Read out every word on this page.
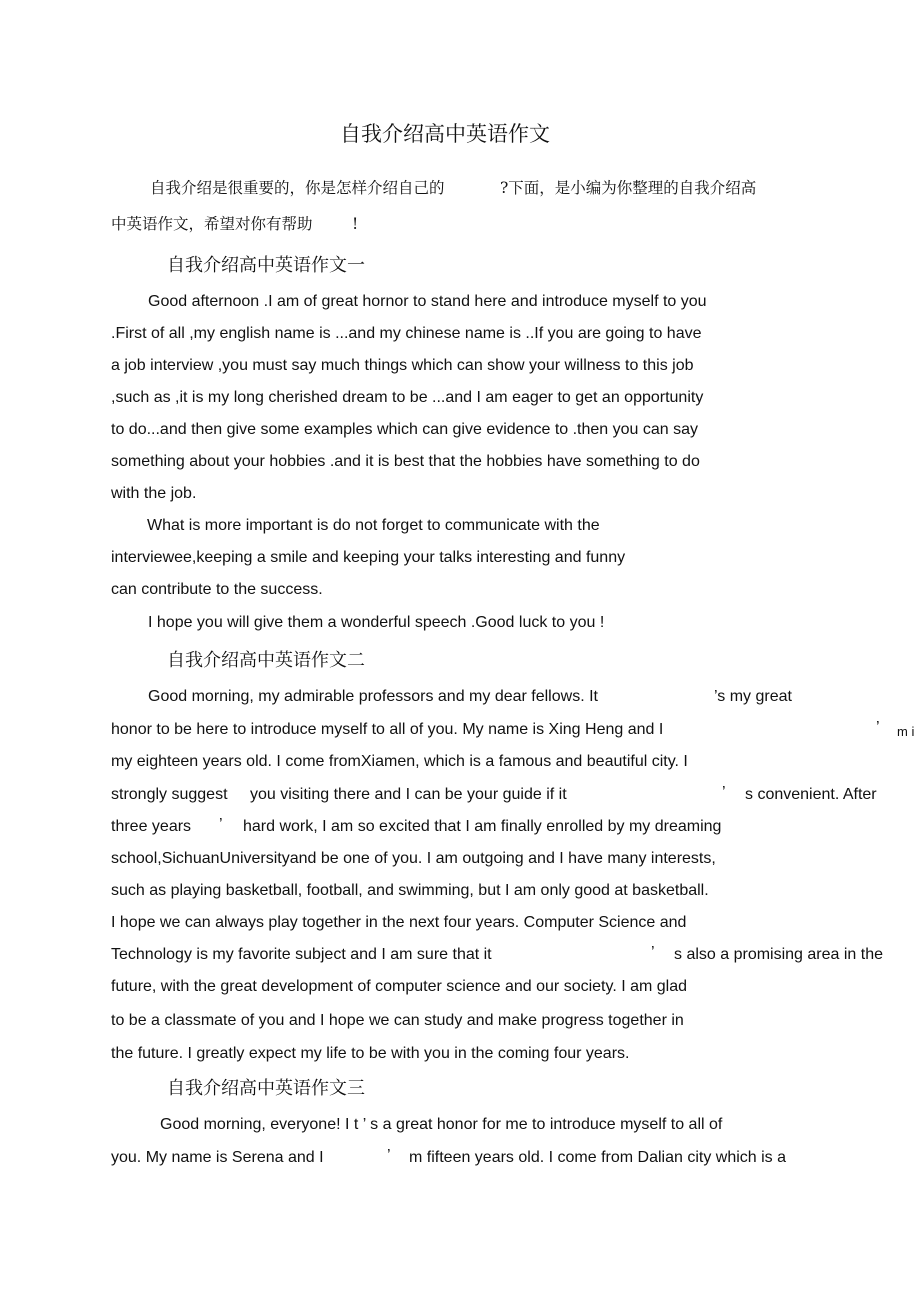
自我介绍高中英语作文

自我介绍是很重要的，你是怎样介绍自己的	?下面，是小编为你整理的自我介绍高

中英语作文，希望对你有帮助	!

自我介绍高中英语作文一

Good afternoon .I am of great hornor to stand here and introduce myself to you

.First of all ,my english name is ...and my chinese name is ..If you are going to have

a job interview ,you must say much things which can show your willness to this job

,such as ,it is my long cherished dream to be ...and I am eager to get an opportunity

to do...and then give some examples which can give evidence to .then you can say

something about your hobbies .and it is best that the hobbies have something to do

with the job.

What is more important is do not forget to communicate with the

interviewee,keeping a smile and keeping your talks interesting and funny

can contribute to the success.

I hope you will give them a wonderful speech .Good luck to you !

自我介绍高中英语作文二

Good morning, my admirable professors and my dear fellows. It	’s my great

honor to be here to introduce myself to all of you. My name is Xing Heng and I	’ m i

my eighteen years old. I come fromXiamen, which is a famous and beautiful city. I

strongly suggest you visiting there and I can be your guide if it	’ s convenient. After

three years ’ hard work, I am so excited that I am finally enrolled by my dreaming

school,SichuanUniversityand be one of you. I am outgoing and I have many interests,

such as playing basketball, football, and swimming, but I am only good at basketball.

I hope we can always play together in the next four years. Computer Science and

Technology is my favorite subject and I am sure that it	’ s also a promising area in the

future, with the great development of computer science and our society. I am glad

to be a classmate of you and I hope we can study and make progress together in

the future. I greatly expect my life to be with you in the coming four years.

自我介绍高中英语作文三

Good morning, everyone! I t ’ s a great honor for me to introduce myself to all of

you. My name is Serena and I	’ m fifteen years old. I come from Dalian city which is a
